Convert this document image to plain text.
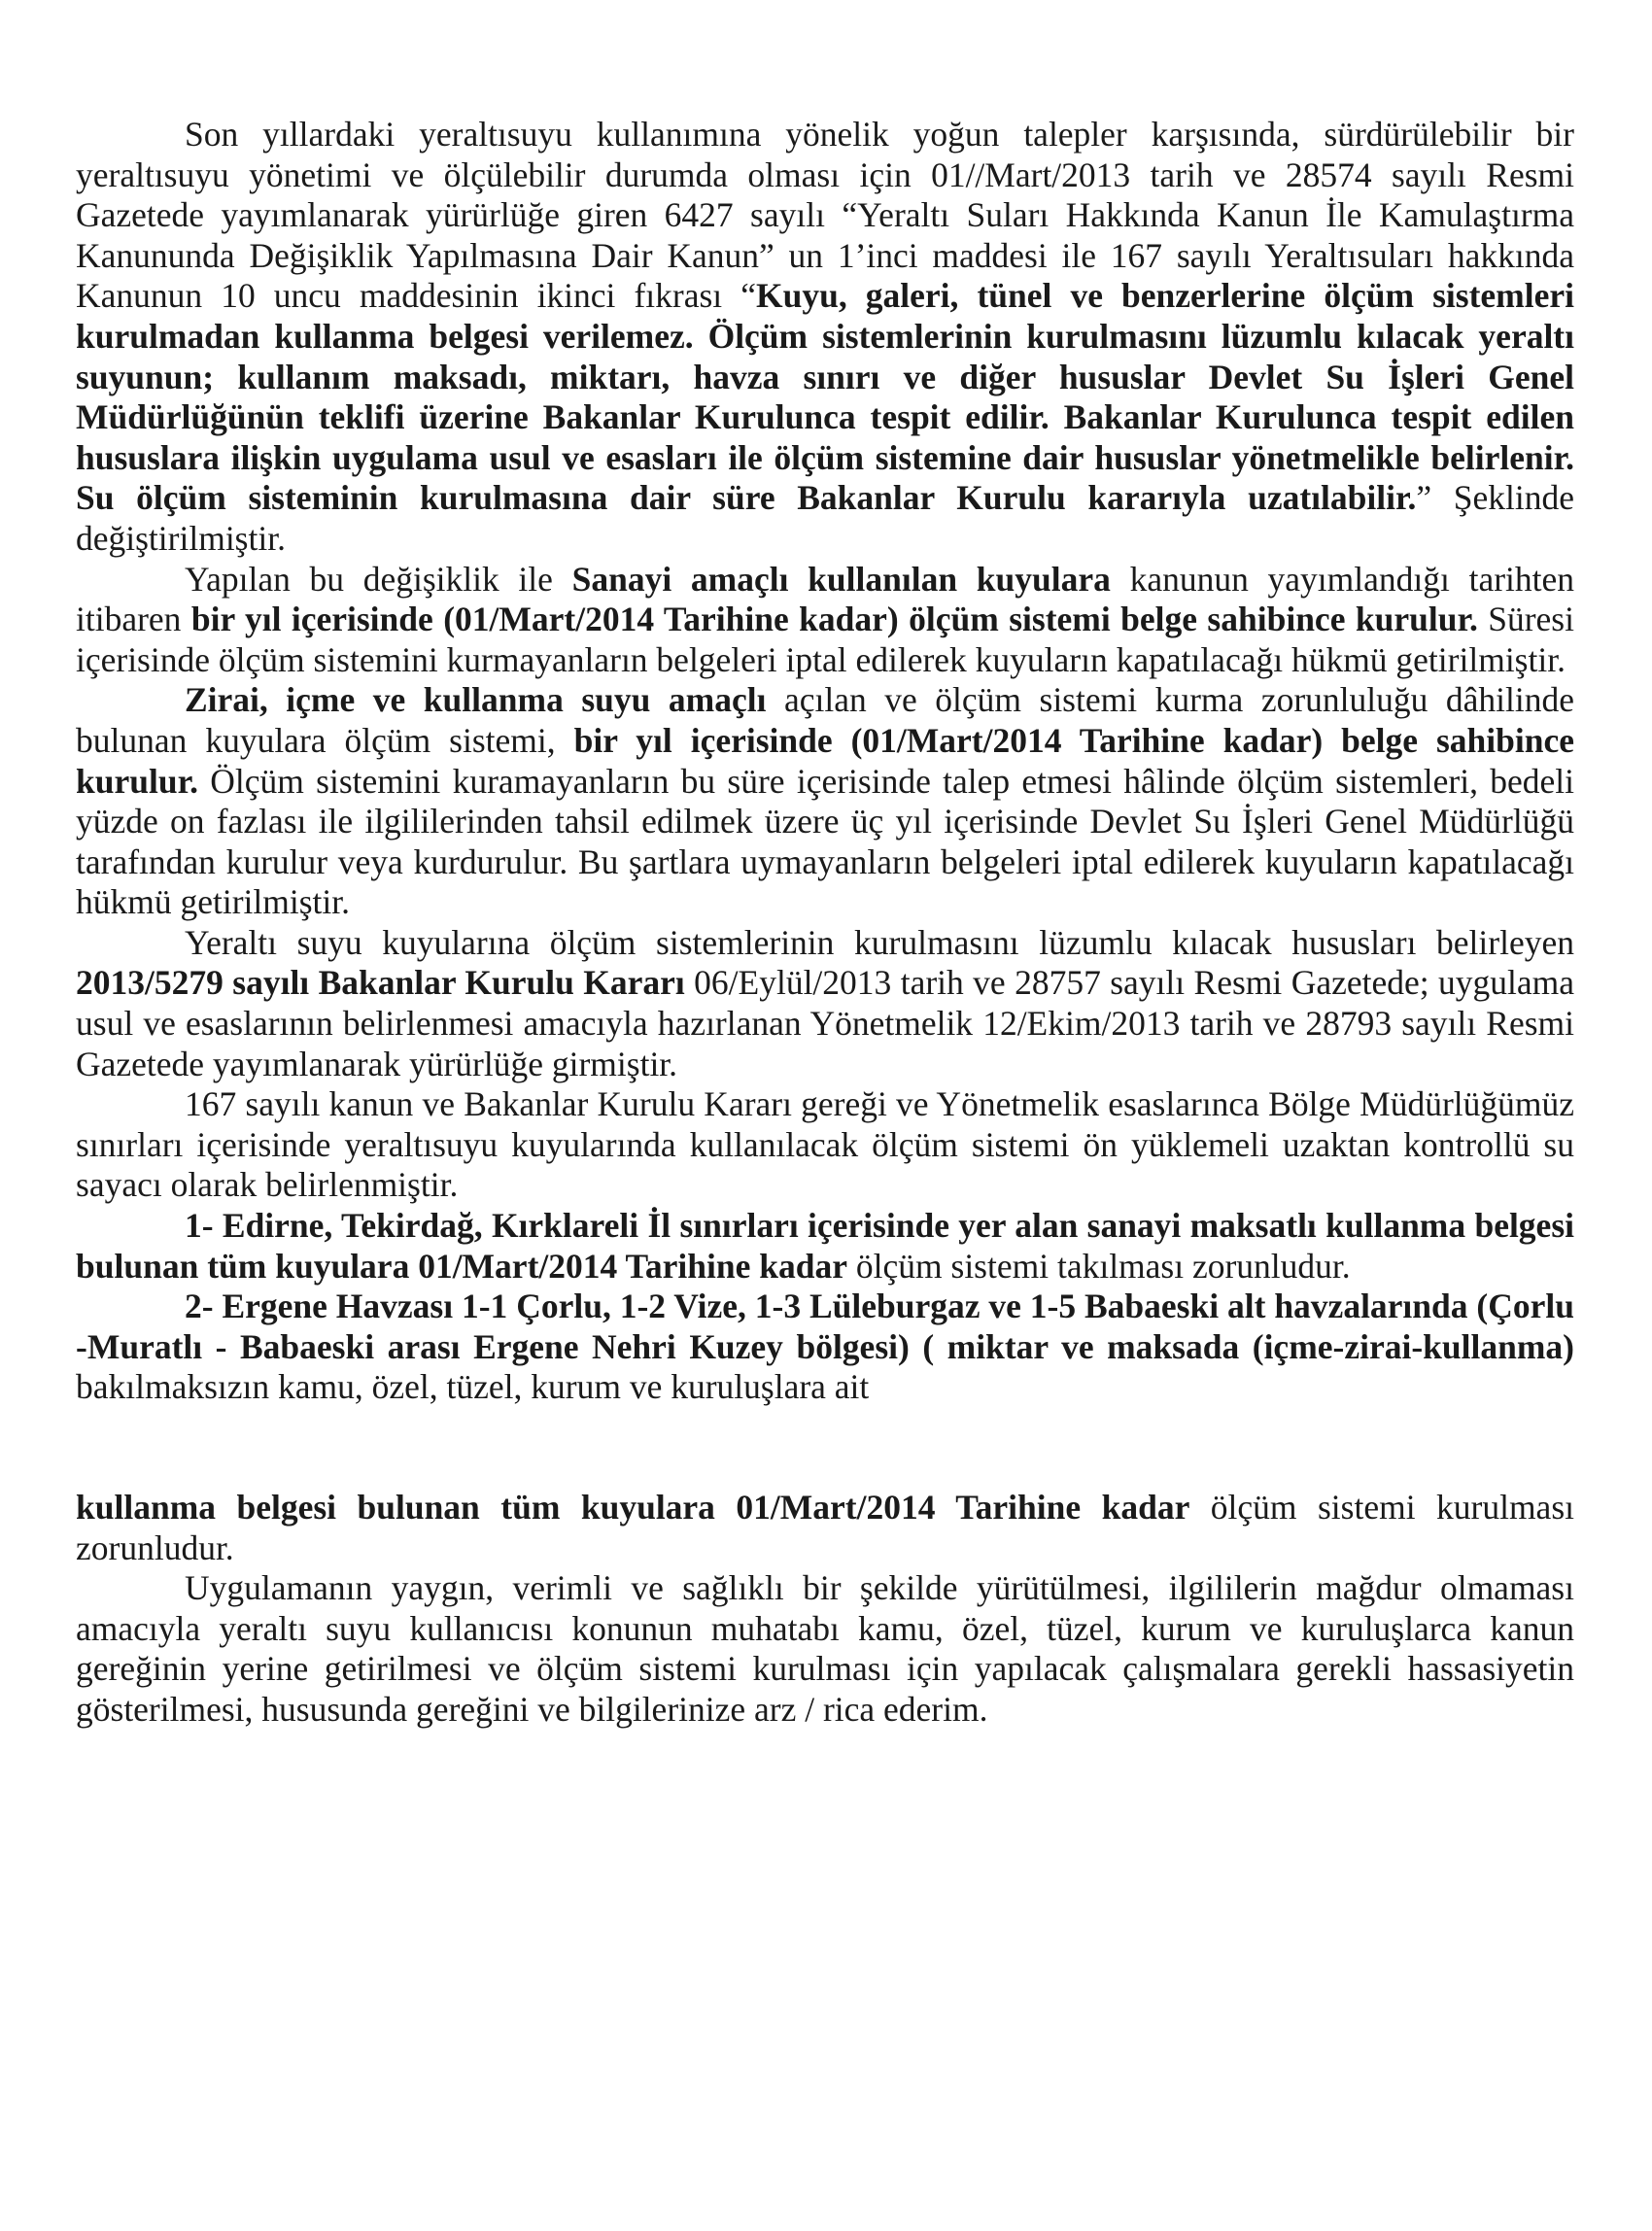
Son yıllardaki yeraltısuyu kullanımına yönelik yoğun talepler karşısında, sürdürülebilir bir yeraltısuyu yönetimi ve ölçülebilir durumda olması için 01//Mart/2013 tarih ve 28574 sayılı Resmi Gazetede yayımlanarak yürürlüğe giren 6427 sayılı “Yeraltı Suları Hakkında Kanun İle Kamulaştırma Kanununda Değişiklik Yapılmasına Dair Kanun” un 1’inci maddesi ile 167 sayılı Yeraltısuları hakkında Kanunun 10 uncu maddesinin ikinci fıkrası “Kuyu, galeri, tünel ve benzerlerine ölçüm sistemleri kurulmadan kullanma belgesi verilemez. Ölçüm sistemlerinin kurulmasını lüzumlu kılacak yeraltı suyunun; kullanım maksadı, miktarı, havza sınırı ve diğer hususlar Devlet Su İşleri Genel Müdürlüğünün teklifi üzerine Bakanlar Kurulunca tespit edilir. Bakanlar Kurulunca tespit edilen hususlara ilişkin uygulama usul ve esasları ile ölçüm sistemine dair hususlar yönetmelikle belirlenir. Su ölçüm sisteminin kurulmasına dair süre Bakanlar Kurulu kararıyla uzatılabilir.” Şeklinde değiştirilmiştir.

Yapılan bu değişiklik ile Sanayi amaçlı kullanılan kuyulara kanunun yayımlandığı tarihten itibaren bir yıl içerisinde (01/Mart/2014 Tarihine kadar) ölçüm sistemi belge sahibince kurulur. Süresi içerisinde ölçüm sistemini kurmayanların belgeleri iptal edilerek kuyuların kapatılacağı hükmü getirilmiştir.

Zirai, içme ve kullanma suyu amaçlı açılan ve ölçüm sistemi kurma zorunluluğu dâhilinde bulunan kuyulara ölçüm sistemi, bir yıl içerisinde (01/Mart/2014 Tarihine kadar) belge sahibince kurulur. Ölçüm sistemini kuramayanların bu süre içerisinde talep etmesi hâlinde ölçüm sistemleri, bedeli yüzde on fazlası ile ilgililerinden tahsil edilmek üzere üç yıl içerisinde Devlet Su İşleri Genel Müdürlüğü tarafından kurulur veya kurdurulur. Bu şartlara uymayanların belgeleri iptal edilerek kuyuların kapatılacağı hükmü getirilmiştir.

Yeraltı suyu kuyularına ölçüm sistemlerinin kurulmasını lüzumlu kılacak hususları belirleyen 2013/5279 sayılı Bakanlar Kurulu Kararı 06/Eylül/2013 tarih ve 28757 sayılı Resmi Gazetede; uygulama usul ve esaslarının belirlenmesi amacıyla hazırlanan Yönetmelik 12/Ekim/2013 tarih ve 28793 sayılı Resmi Gazetede yayımlanarak yürürlüğe girmiştir.

167 sayılı kanun ve Bakanlar Kurulu Kararı gereği ve Yönetmelik esaslarınca Bölge Müdürlüğümüz sınırları içerisinde yeraltısuyu kuyularında kullanılacak ölçüm sistemi ön yüklemeli uzaktan kontrollü su sayacı olarak belirlenmiştir.

1- Edirne, Tekirdağ, Kırklareli İl sınırları içerisinde yer alan sanayi maksatlı kullanma belgesi bulunan tüm kuyulara 01/Mart/2014 Tarihine kadar ölçüm sistemi takılması zorunludur.

2- Ergene Havzası 1-1 Çorlu, 1-2 Vize, 1-3 Lüleburgaz ve 1-5 Babaeski alt havzalarında (Çorlu -Muratlı - Babaeski arası Ergene Nehri Kuzey bölgesi) ( miktar ve maksada (içme-zirai-kullanma) bakılmaksızın kamu, özel, tüzel, kurum ve kuruluşlara ait

kullanma belgesi bulunan tüm kuyulara 01/Mart/2014 Tarihine kadar ölçüm sistemi kurulması zorunludur.

Uygulamanın yaygın, verimli ve sağlıklı bir şekilde yürütülmesi, ilgililerin mağdur olmaması amacıyla yeraltı suyu kullanıcısı konunun muhatabı kamu, özel, tüzel, kurum ve kuruluşlarca kanun gereğinin yerine getirilmesi ve ölçüm sistemi kurulması için yapılacak çalışmalara gerekli hassasiyetin gösterilmesi, hususunda gereğini ve bilgilerinize arz / rica ederim.
